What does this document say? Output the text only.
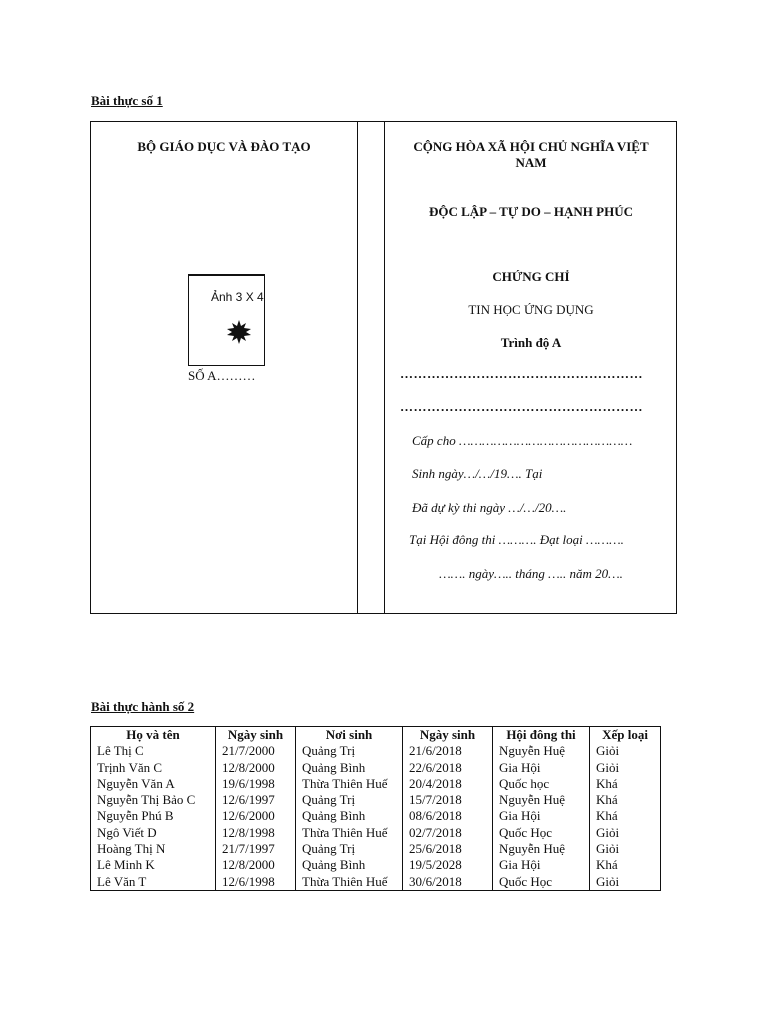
Bài thực số 1
BỘ GIÁO DỤC VÀ ĐÀO TẠO
Ảnh 3 X 4
SỐ A………
CỘNG HÒA XÃ HỘI CHỦ NGHĨA VIỆT NAM
ĐỘC LẬP – TỰ DO – HẠNH PHÚC
CHỨNG CHỈ
TIN HỌC ỨNG DỤNG
Trình độ A
………………………………………………
………………………………………………
Cấp cho ………………………………………
Sinh ngày…/…/19…. Tại
Đã dự kỳ thi ngày …/…/20….
Tại Hội đông thi ………. Đạt loại ……….
……. ngày….. tháng ….. năm 20….
Bài thực hành số 2
Họ và tên	Ngày sinh	Nơi sinh	Ngày sinh	Hội đông thi	Xếp loại
Lê Thị C	21/7/2000	Quảng Trị	21/6/2018	Nguyễn Huệ	Giỏi
Trịnh Văn C	12/8/2000	Quảng Bình	22/6/2018	Gia Hội	Giỏi
Nguyễn Văn A	19/6/1998	Thừa Thiên Huế	20/4/2018	Quốc học	Khá
Nguyễn Thị Bảo C	12/6/1997	Quảng Trị	15/7/2018	Nguyễn Huệ	Khá
Nguyễn Phú B	12/6/2000	Quảng Bình	08/6/2018	Gia Hội	Khá
Ngô Viết D	12/8/1998	Thừa Thiên Huế	02/7/2018	Quốc Học	Giỏi
Hoàng Thị N	21/7/1997	Quảng Trị	25/6/2018	Nguyễn Huệ	Giỏi
Lê Minh K	12/8/2000	Quảng Bình	19/5/2028	Gia Hội	Khá
Lê Văn T	12/6/1998	Thừa Thiên Huế	30/6/2018	Quốc Học	Giỏi
